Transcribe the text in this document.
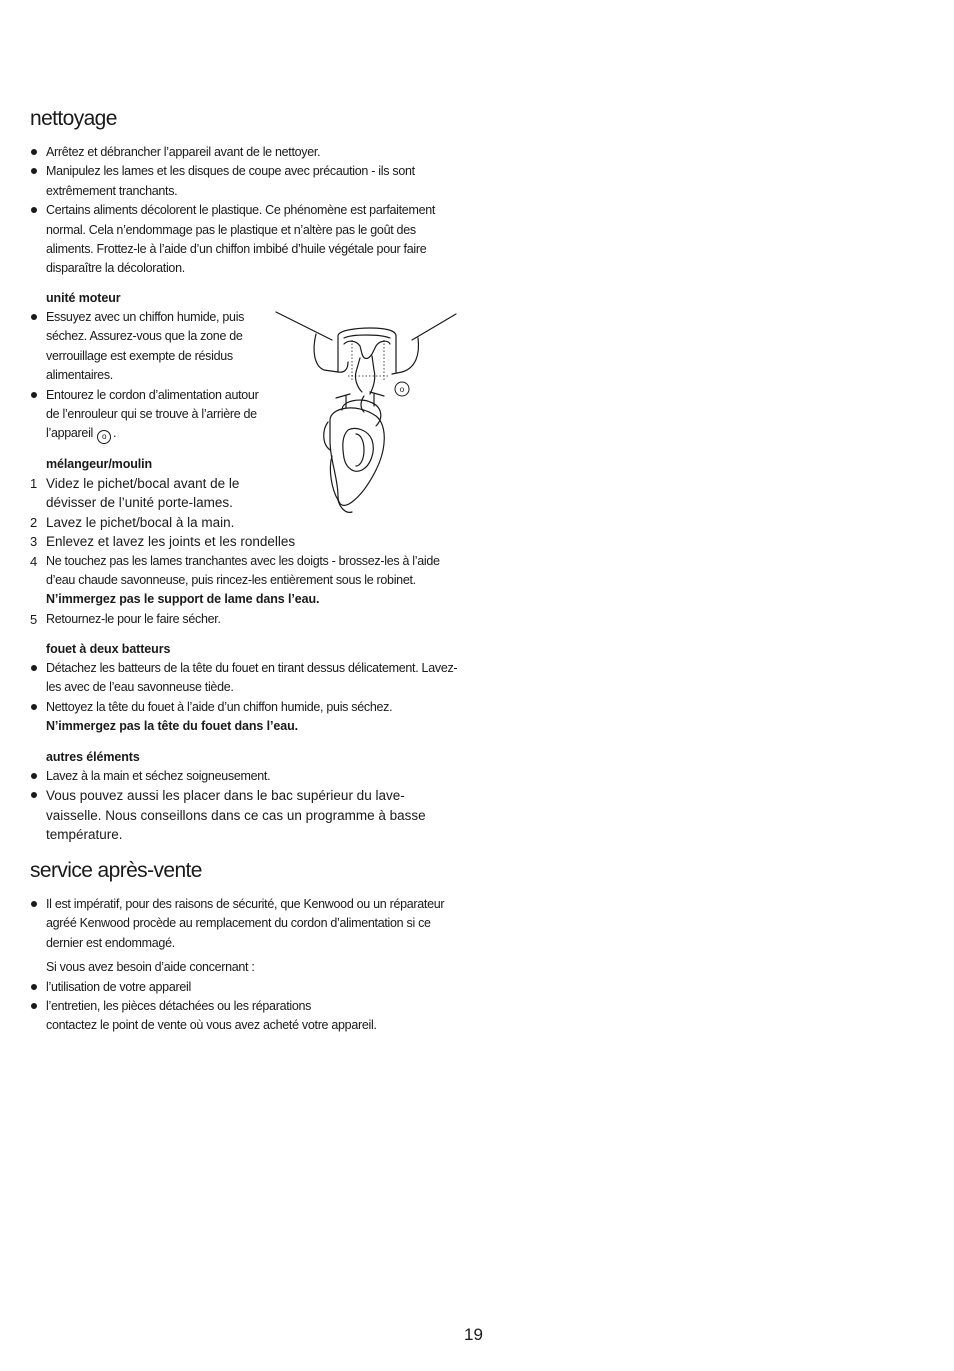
nettoyage
Arrêtez et débrancher l’appareil avant de le nettoyer.
Manipulez les lames et les disques de coupe avec précaution - ils sont extrêmement tranchants.
Certains aliments décolorent le plastique. Ce phénomène est parfaitement normal. Cela n’endommage pas le plastique et n’altère pas le goût des aliments. Frottez-le à l’aide d’un chiffon imbibé d’huile végétale pour faire disparaître la décoloration.
unité moteur
Essuyez avec un chiffon humide, puis séchez. Assurez-vous que la zone de verrouillage est exempte de résidus alimentaires.
Entourez le cordon d’alimentation autour de l’enrouleur qui se trouve à l’arrière de l’appareil o .
mélangeur/moulin
1 Videz le pichet/bocal avant de le dévisser de l’unité porte-lames.
2 Lavez le pichet/bocal à la main.
3 Enlevez et lavez les joints et les rondelles
4 Ne touchez pas les lames tranchantes avec les doigts - brossez-les à l’aide d’eau chaude savonneuse, puis rincez-les entièrement sous le robinet. N’immergez pas le support de lame dans l’eau.
5 Retournez-le pour le faire sécher.
fouet à deux batteurs
Détachez les batteurs de la tête du fouet en tirant dessus délicatement. Lavez-les avec de l’eau savonneuse tiède.
Nettoyez la tête du fouet à l’aide d’un chiffon humide, puis séchez.
N’immergez pas la tête du fouet dans l’eau.
autres éléments
Lavez à la main et séchez soigneusement.
Vous pouvez aussi les placer dans le bac supérieur du lave-vaisselle. Nous conseillons dans ce cas un programme à basse température.
o
service après-vente
Il est impératif, pour des raisons de sécurité, que Kenwood ou un réparateur agréé Kenwood procède au remplacement du cordon d’alimentation si ce dernier est endommagé.
Si vous avez besoin d’aide concernant :
l’utilisation de votre appareil
l’entretien, les pièces détachées ou les réparations
contactez le point de vente où vous avez acheté votre appareil.
19
